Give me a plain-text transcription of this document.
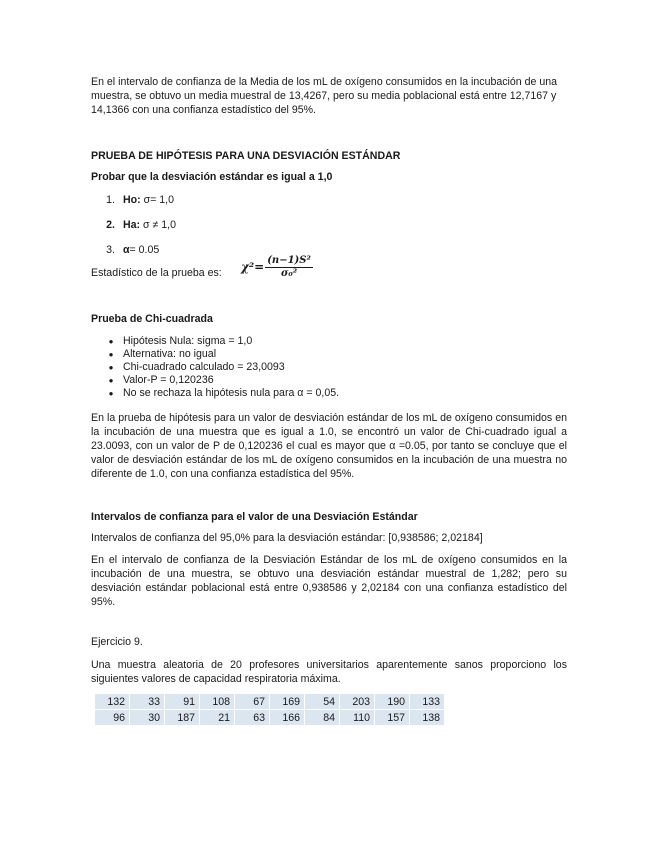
En el intervalo de confianza de la Media de los mL de oxígeno consumidos en la incubación de una muestra, se obtuvo un media muestral de 13,4267, pero su media poblacional está entre 12,7167 y 14,1366 con una confianza estadístico del 95%.

PRUEBA DE HIPÓTESIS PARA UNA DESVIACIÓN ESTÁNDAR

Probar que la desviación estándar es igual a 1,0

1. Ho: σ= 1,0
2. Ha: σ ≠ 1,0
3. α= 0.05

Estadístico de la prueba es:	$\chi^2= \frac{\text{(n−1)S²}}{\text{σ₀²}}$

Prueba de Chi-cuadrada

● Hipótesis Nula: sigma = 1,0
● Alternativa: no igual
● Chi-cuadrado calculado = 23,0093
● Valor-P = 0,120236
● No se rechaza la hipótesis nula para α = 0,05.

En la prueba de hipótesis para un valor de desviación estándar de los mL de oxígeno consumidos en la incubación de una muestra que es igual a 1.0, se encontró un valor de Chi-cuadrado igual a 23.0093, con un valor de P de 0,120236 el cual es mayor que α =0.05, por tanto se concluye que el valor de desviación estándar de los mL de oxígeno consumidos en la incubación de una muestra no diferente de 1.0, con una confianza estadística del 95%.

Intervalos de confianza para el valor de una Desviación Estándar

Intervalos de confianza del 95,0% para la desviación estándar: [0,938586; 2,02184]

En el intervalo de confianza de la Desviación Estándar de los mL de oxígeno consumidos en la incubación de una muestra, se obtuvo una desviación estándar muestral de 1,282; pero su desviación estándar poblacional está entre 0,938586 y 2,02184 con una confianza estadístico del 95%.

Ejercicio 9.

Una muestra aleatoria de 20 profesores universitarios aparentemente sanos proporciono los siguientes valores de capacidad respiratoria máxima.

132	33	91	108	67	169	54	203	190	133
96	30	187	21	63	166	84	110	157	138
